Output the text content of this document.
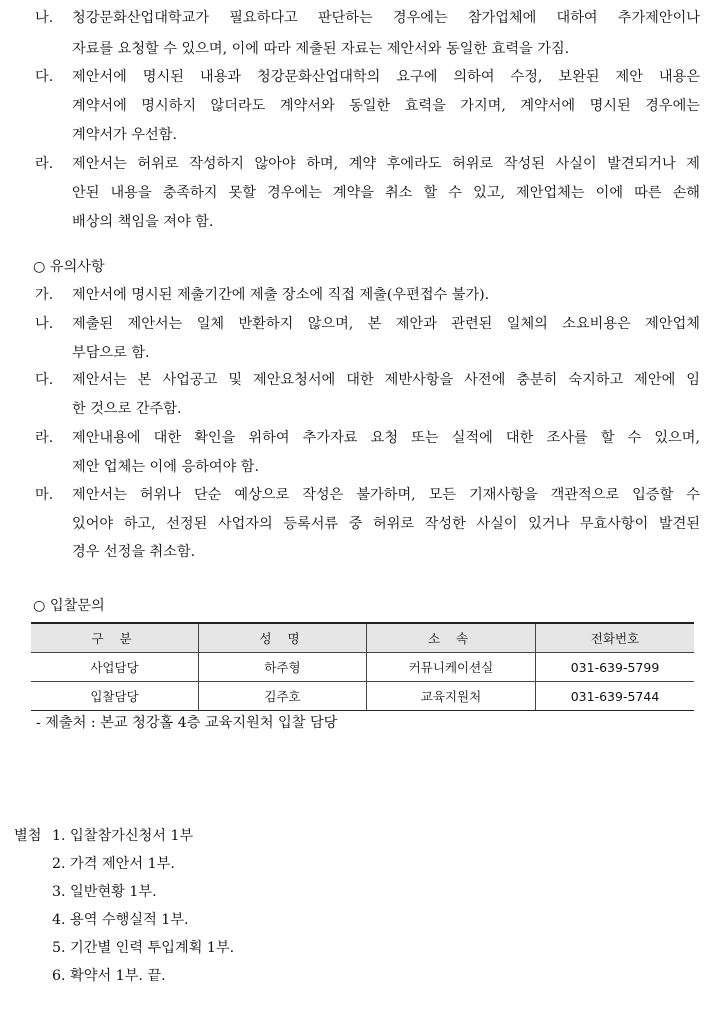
나. 청강문화산업대학교가 필요하다고 판단하는 경우에는 참가업체에 대하여 추가제안이나
자료를 요청할 수 있으며, 이에 따라 제출된 자료는 제안서와 동일한 효력을 가짐.
다. 제안서에 명시된 내용과 청강문화산업대학의 요구에 의하여 수정, 보완된 제안 내용은
계약서에 명시하지 않더라도 계약서와 동일한 효력을 가지며, 계약서에 명시된 경우에는
계약서가 우선함.
라. 제안서는 허위로 작성하지 않아야 하며, 계약 후에라도 허위로 작성된 사실이 발견되거나 제
안된 내용을 충족하지 못할 경우에는 계약을 취소 할 수 있고, 제안업체는 이에 따른 손해
배상의 책임을 져야 함.
○ 유의사항
가. 제안서에 명시된 제출기간에 제출 장소에 직접 제출(우편접수 불가).
나. 제출된 제안서는 일체 반환하지 않으며, 본 제안과 관련된 일체의 소요비용은 제안업체
부담으로 함.
다. 제안서는 본 사업공고 및 제안요청서에 대한 제반사항을 사전에 충분히 숙지하고 제안에 임
한 것으로 간주함.
라. 제안내용에 대한 확인을 위하여 추가자료 요청 또는 실적에 대한 조사를 할 수 있으며,
제안 업체는 이에 응하여야 함.
마. 제안서는 허위나 단순 예상으로 작성은 불가하며, 모든 기재사항을 객관적으로 입증할 수
있어야 하고, 선정된 사업자의 등록서류 중 허위로 작성한 사실이 있거나 무효사항이 발견된
경우 선정을 취소함.
○ 입찰문의
구 분	성 명	소 속	전화번호
사업담당	하주형	커뮤니케이션실	031-639-5799
입찰담당	김주호	교육지원처	031-639-5744
- 제출처 : 본교 청강홀 4층 교육지원처 입찰 담당
별첨 1. 입찰참가신청서 1부
2. 가격 제안서 1부.
3. 일반현황 1부.
4. 용역 수행실적 1부.
5. 기간별 인력 투입계획 1부.
6. 확약서 1부. 끝.
